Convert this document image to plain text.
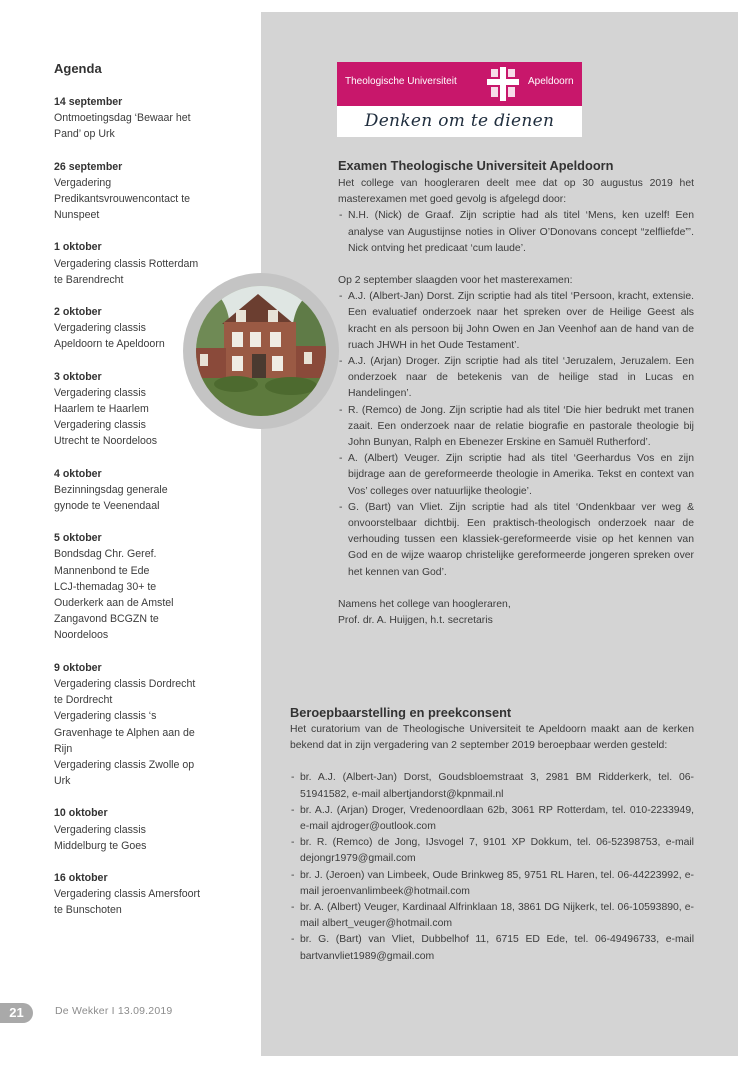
Agenda
14 september
Ontmoetingsdag ‘Bewaar het
Pand’ op Urk
26 september
Vergadering
Predikantsvrouwencontact te
Nunspeet
1 oktober
Vergadering classis Rotterdam
te Barendrecht
2 oktober
Vergadering classis
Apeldoorn te Apeldoorn
3 oktober
Vergadering classis
Haarlem te Haarlem
Vergadering classis
Utrecht te Noordeloos
4 oktober
Bezinningsdag generale
gynode te Veenendaal
5 oktober
Bondsdag Chr. Geref.
Mannenbond te Ede
LCJ-themadag 30+ te
Ouderkerk aan de Amstel
Zangavond BCGZN te
Noordeloos
9 oktober
Vergadering classis Dordrecht
te Dordrecht
Vergadering classis ‘s
Gravenhage te Alphen aan de
Rijn
Vergadering classis Zwolle op
Urk
10 oktober
Vergadering classis
Middelburg te Goes
16 oktober
Vergadering classis Amersfoort
te Bunschoten
Theologische Universiteit	Apeldoorn
Denken om te dienen
Examen Theologische Universiteit Apeldoorn

Het college van hoogleraren deelt mee dat op 30 augustus 2019 het masterexamen met goed gevolg is afgelegd door:

- N.H. (Nick) de Graaf. Zijn scriptie had als titel ‘Mens, ken uzelf! Een analyse van Augustijnse noties in Oliver O’Donovans concept “zelfliefde”’. Nick ontving het predicaat ‘cum laude’.

Op 2 september slaagden voor het masterexamen:

- A.J. (Albert-Jan) Dorst. Zijn scriptie had als titel ‘Persoon, kracht, extensie. Een evaluatief onderzoek naar het spreken over de Heilige Geest als kracht en als persoon bij John Owen en Jan Veenhof aan de hand van de ruach JHWH in het Oude Testament’.
- A.J. (Arjan) Droger. Zijn scriptie had als titel ‘Jeruzalem, Jeruzalem. Een onderzoek naar de betekenis van de heilige stad in Lucas en Handelingen’.
- R. (Remco) de Jong. Zijn scriptie had als titel ‘Die hier bedrukt met tranen zaait. Een onderzoek naar de relatie biografie en pastorale theologie bij John Bunyan, Ralph en Ebenezer Erskine en Samuël Rutherford’.
- A. (Albert) Veuger. Zijn scriptie had als titel ‘Geerhardus Vos en zijn bijdrage aan de gereformeerde theologie in Amerika. Tekst en context van Vos’ colleges over natuurlijke theologie’.
- G. (Bart) van Vliet. Zijn scriptie had als titel ‘Ondenkbaar ver weg & onvoorstelbaar dichtbij. Een praktisch-theologisch onderzoek naar de verhouding tussen een klassiek-gereformeerde visie op het kennen van God en de wijze waarop christelijke gereformeerde jongeren spreken over het kennen van God’.

Namens het college van hoogleraren,

Prof. dr. A. Huijgen, h.t. secretaris

Beroepbaarstelling en preekconsent

Het curatorium van de Theologische Universiteit te Apeldoorn maakt aan de kerken bekend dat in zijn vergadering van 2 september 2019 beroepbaar werden gesteld:

- br. A.J. (Albert-Jan) Dorst, Goudsbloemstraat 3, 2981 BM Ridderkerk, tel. 06-51941582, e-mail albertjandorst@kpnmail.nl
- br. A.J. (Arjan) Droger, Vredenoordlaan 62b, 3061 RP Rotterdam, tel. 010-2233949, e-mail ajdroger@outlook.com
- br. R. (Remco) de Jong, IJsvogel 7, 9101 XP Dokkum, tel. 06-52398753, e-mail dejongr1979@gmail.com
- br. J. (Jeroen) van Limbeek, Oude Brinkweg 85, 9751 RL Haren, tel. 06-44223992, e-mail jeroenvanlimbeek@hotmail.com
- br. A. (Albert) Veuger, Kardinaal Alfrinklaan 18, 3861 DG Nijkerk, tel. 06-10593890, e-mail albert_veuger@hotmail.com
- br. G. (Bart) van Vliet, Dubbelhof 11, 6715 ED Ede, tel. 06-49496733, e-mail bartvanvliet1989@gmail.com
21	De Wekker I 13.09.2019
